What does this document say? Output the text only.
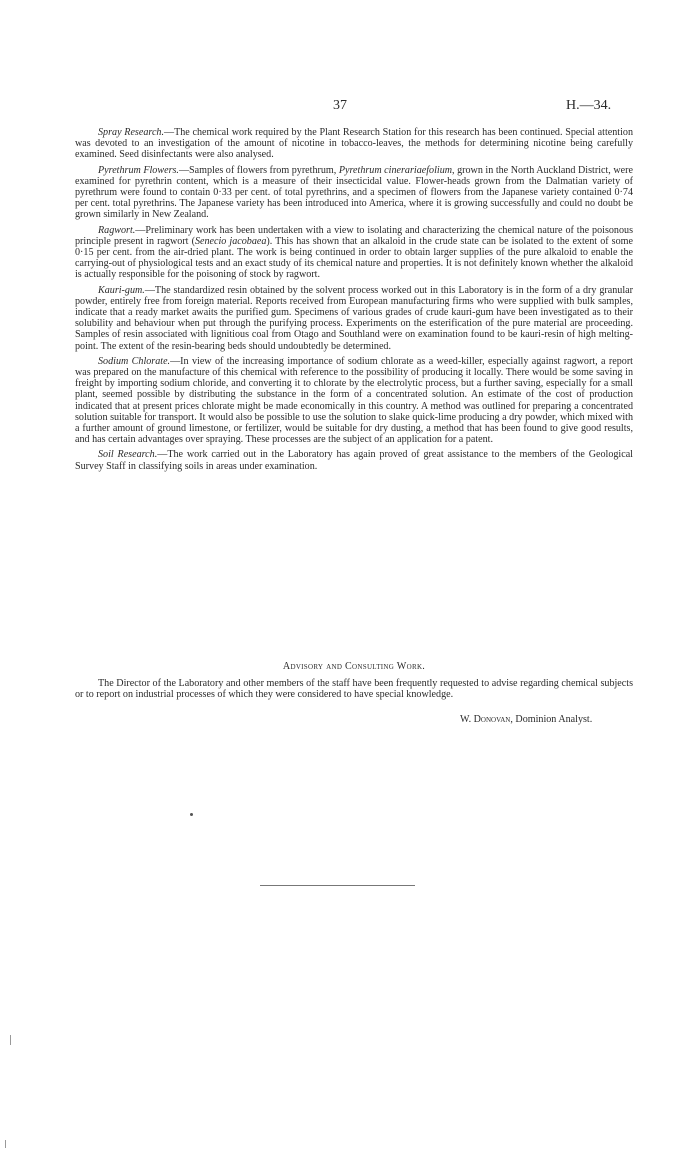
37	H.—34.

Spray Research.—The chemical work required by the Plant Research Station for this research has been continued. Special attention was devoted to an investigation of the amount of nicotine in tobacco-leaves, the methods for determining nicotine being carefully examined. Seed disinfectants were also analysed.

Pyrethrum Flowers.—Samples of flowers from pyrethrum, Pyrethrum cinerariaefolium, grown in the North Auckland District, were examined for pyrethrin content, which is a measure of their insecticidal value. Flower-heads grown from the Dalmatian variety of pyrethrum were found to contain 0·33 per cent. of total pyrethrins, and a specimen of flowers from the Japanese variety contained 0·74 per cent. total pyrethrins. The Japanese variety has been introduced into America, where it is growing successfully and could no doubt be grown similarly in New Zealand.

Ragwort.—Preliminary work has been undertaken with a view to isolating and characterizing the chemical nature of the poisonous principle present in ragwort (Senecio jacobaea). This has shown that an alkaloid in the crude state can be isolated to the extent of some 0·15 per cent. from the air-dried plant. The work is being continued in order to obtain larger supplies of the pure alkaloid to enable the carrying-out of physiological tests and an exact study of its chemical nature and properties. It is not definitely known whether the alkaloid is actually responsible for the poisoning of stock by ragwort.

Kauri-gum.—The standardized resin obtained by the solvent process worked out in this Laboratory is in the form of a dry granular powder, entirely free from foreign material. Reports received from European manufacturing firms who were supplied with bulk samples, indicate that a ready market awaits the purified gum. Specimens of various grades of crude kauri-gum have been investigated as to their solubility and behaviour when put through the purifying process. Experiments on the esterification of the pure material are proceeding. Samples of resin associated with lignitious coal from Otago and Southland were on examination found to be kauri-resin of high melting-point. The extent of the resin-bearing beds should undoubtedly be determined.

Sodium Chlorate.—In view of the increasing importance of sodium chlorate as a weed-killer, especially against ragwort, a report was prepared on the manufacture of this chemical with reference to the possibility of producing it locally. There would be some saving in freight by importing sodium chloride, and converting it to chlorate by the electrolytic process, but a further saving, especially for a small plant, seemed possible by distributing the substance in the form of a concentrated solution. An estimate of the cost of production indicated that at present prices chlorate might be made economically in this country. A method was outlined for preparing a concentrated solution suitable for transport. It would also be possible to use the solution to slake quick-lime producing a dry powder, which mixed with a further amount of ground limestone, or fertilizer, would be suitable for dry dusting, a method that has been found to give good results, and has certain advantages over spraying. These processes are the subject of an application for a patent.

Soil Research.—The work carried out in the Laboratory has again proved of great assistance to the members of the Geological Survey Staff in classifying soils in areas under examination.

Advisory and Consulting Work.

The Director of the Laboratory and other members of the staff have been frequently requested to advise regarding chemical subjects or to report on industrial processes of which they were considered to have special knowledge.

W. Donovan, Dominion Analyst.
